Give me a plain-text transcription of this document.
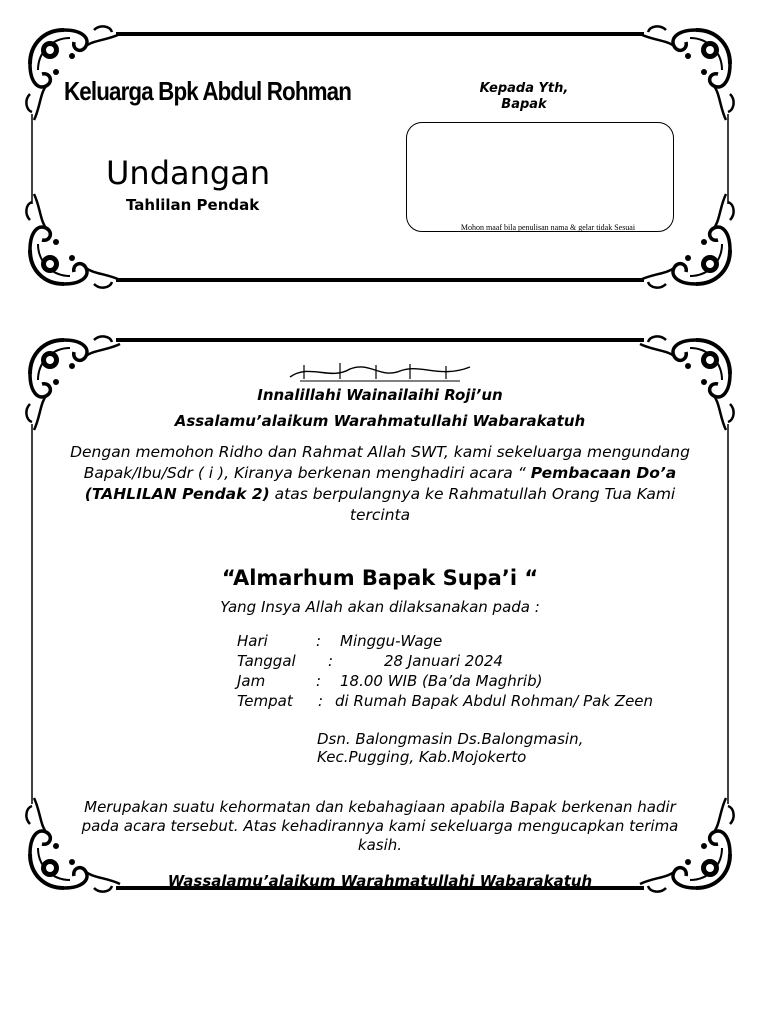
Keluarga Bpk Abdul Rohman	Kepada Yth,
Bapak
Mohon maaf bila penulisan nama & gelar tidak Sesuai
Undangan
Tahlilan Pendak
Innalillahi Wainailaihi Roji’un
Assalamu’alaikum Warahmatullahi Wabarakatuh
Dengan memohon Ridho dan Rahmat Allah SWT, kami sekeluarga mengundang Bapak/Ibu/Sdr ( i ), Kiranya berkenan menghadiri acara “ Pembacaan Do’a (TAHLILAN Pendak 2) atas berpulangnya ke Rahmatullah Orang Tua Kami tercinta
“Almarhum Bapak Supa’i “
Yang Insya Allah akan dilaksanakan pada :
Hari	: Minggu-Wage
Tanggal :	28 Januari 2024
Jam	: 18.00 WIB (Ba’da Maghrib)
Tempat : di Rumah Bapak Abdul Rohman/ Pak Zeen
Dsn. Balongmasin Ds.Balongmasin,
Kec.Pugging, Kab.Mojokerto
Merupakan suatu kehormatan dan kebahagiaan apabila Bapak berkenan hadir pada acara tersebut. Atas kehadirannya kami sekeluarga mengucapkan terima kasih.
Wassalamu’alaikum Warahmatullahi Wabarakatuh
